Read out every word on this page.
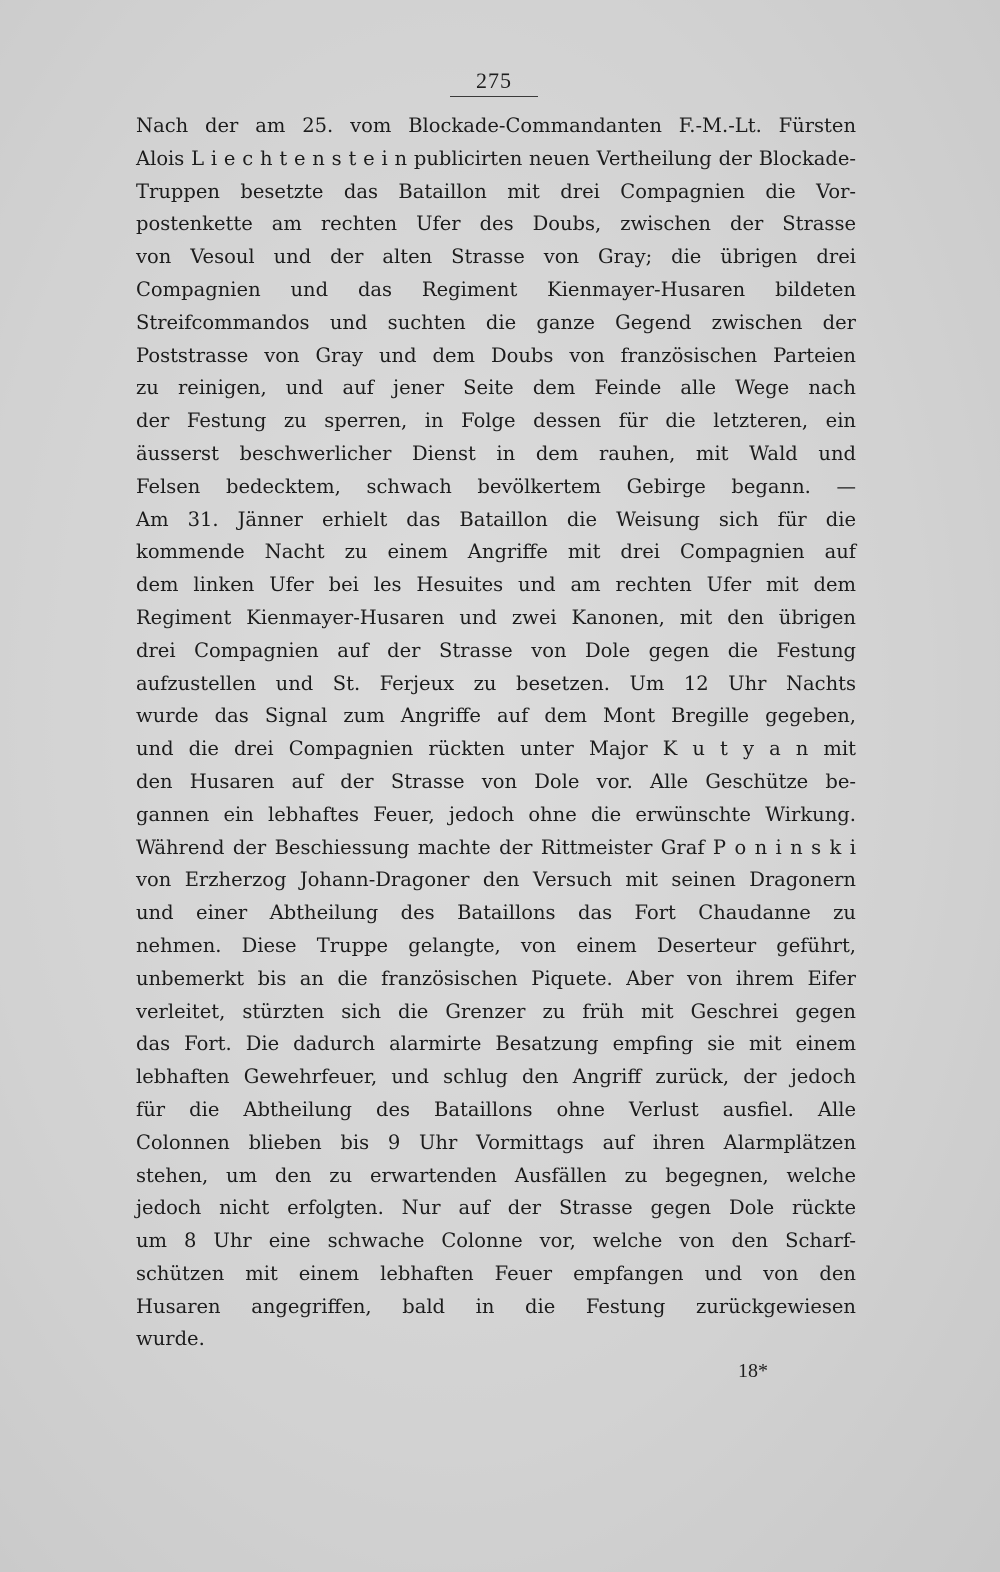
275
Nach der am 25. vom Blockade-Commandanten F.-M.-Lt. Fürsten
Alois L i e c h t e n s t e i n publicirten neuen Vertheilung der Blockade-
Truppen besetzte das Bataillon mit drei Compagnien die Vor-
postenkette am rechten Ufer des Doubs, zwischen der Strasse
von Vesoul und der alten Strasse von Gray; die übrigen drei
Compagnien und das Regiment Kienmayer-Husaren bildeten
Streifcommandos und suchten die ganze Gegend zwischen der
Poststrasse von Gray und dem Doubs von französischen Parteien
zu reinigen, und auf jener Seite dem Feinde alle Wege nach
der Festung zu sperren, in Folge dessen für die letzteren, ein
äusserst beschwerlicher Dienst in dem rauhen, mit Wald und
Felsen bedecktem, schwach bevölkertem Gebirge begann. —
Am 31. Jänner erhielt das Bataillon die Weisung sich für die
kommende Nacht zu einem Angriffe mit drei Compagnien auf
dem linken Ufer bei les Hesuites und am rechten Ufer mit dem
Regiment Kienmayer-Husaren und zwei Kanonen, mit den übrigen
drei Compagnien auf der Strasse von Dole gegen die Festung
aufzustellen und St. Ferjeux zu besetzen. Um 12 Uhr Nachts
wurde das Signal zum Angriffe auf dem Mont Bregille gegeben,
und die drei Compagnien rückten unter Major K u t y a n mit
den Husaren auf der Strasse von Dole vor. Alle Geschütze be-
gannen ein lebhaftes Feuer, jedoch ohne die erwünschte Wirkung.
Während der Beschiessung machte der Rittmeister Graf P o n i n s k i
von Erzherzog Johann-Dragoner den Versuch mit seinen Dragonern
und einer Abtheilung des Bataillons das Fort Chaudanne zu
nehmen. Diese Truppe gelangte, von einem Deserteur geführt,
unbemerkt bis an die französischen Piquete. Aber von ihrem Eifer
verleitet, stürzten sich die Grenzer zu früh mit Geschrei gegen
das Fort. Die dadurch alarmirte Besatzung empfing sie mit einem
lebhaften Gewehrfeuer, und schlug den Angriff zurück, der jedoch
für die Abtheilung des Bataillons ohne Verlust ausfiel. Alle
Colonnen blieben bis 9 Uhr Vormittags auf ihren Alarmplätzen
stehen, um den zu erwartenden Ausfällen zu begegnen, welche
jedoch nicht erfolgten. Nur auf der Strasse gegen Dole rückte
um 8 Uhr eine schwache Colonne vor, welche von den Scharf-
schützen mit einem lebhaften Feuer empfangen und von den
Husaren angegriffen, bald in die Festung zurückgewiesen
wurde.
18*
